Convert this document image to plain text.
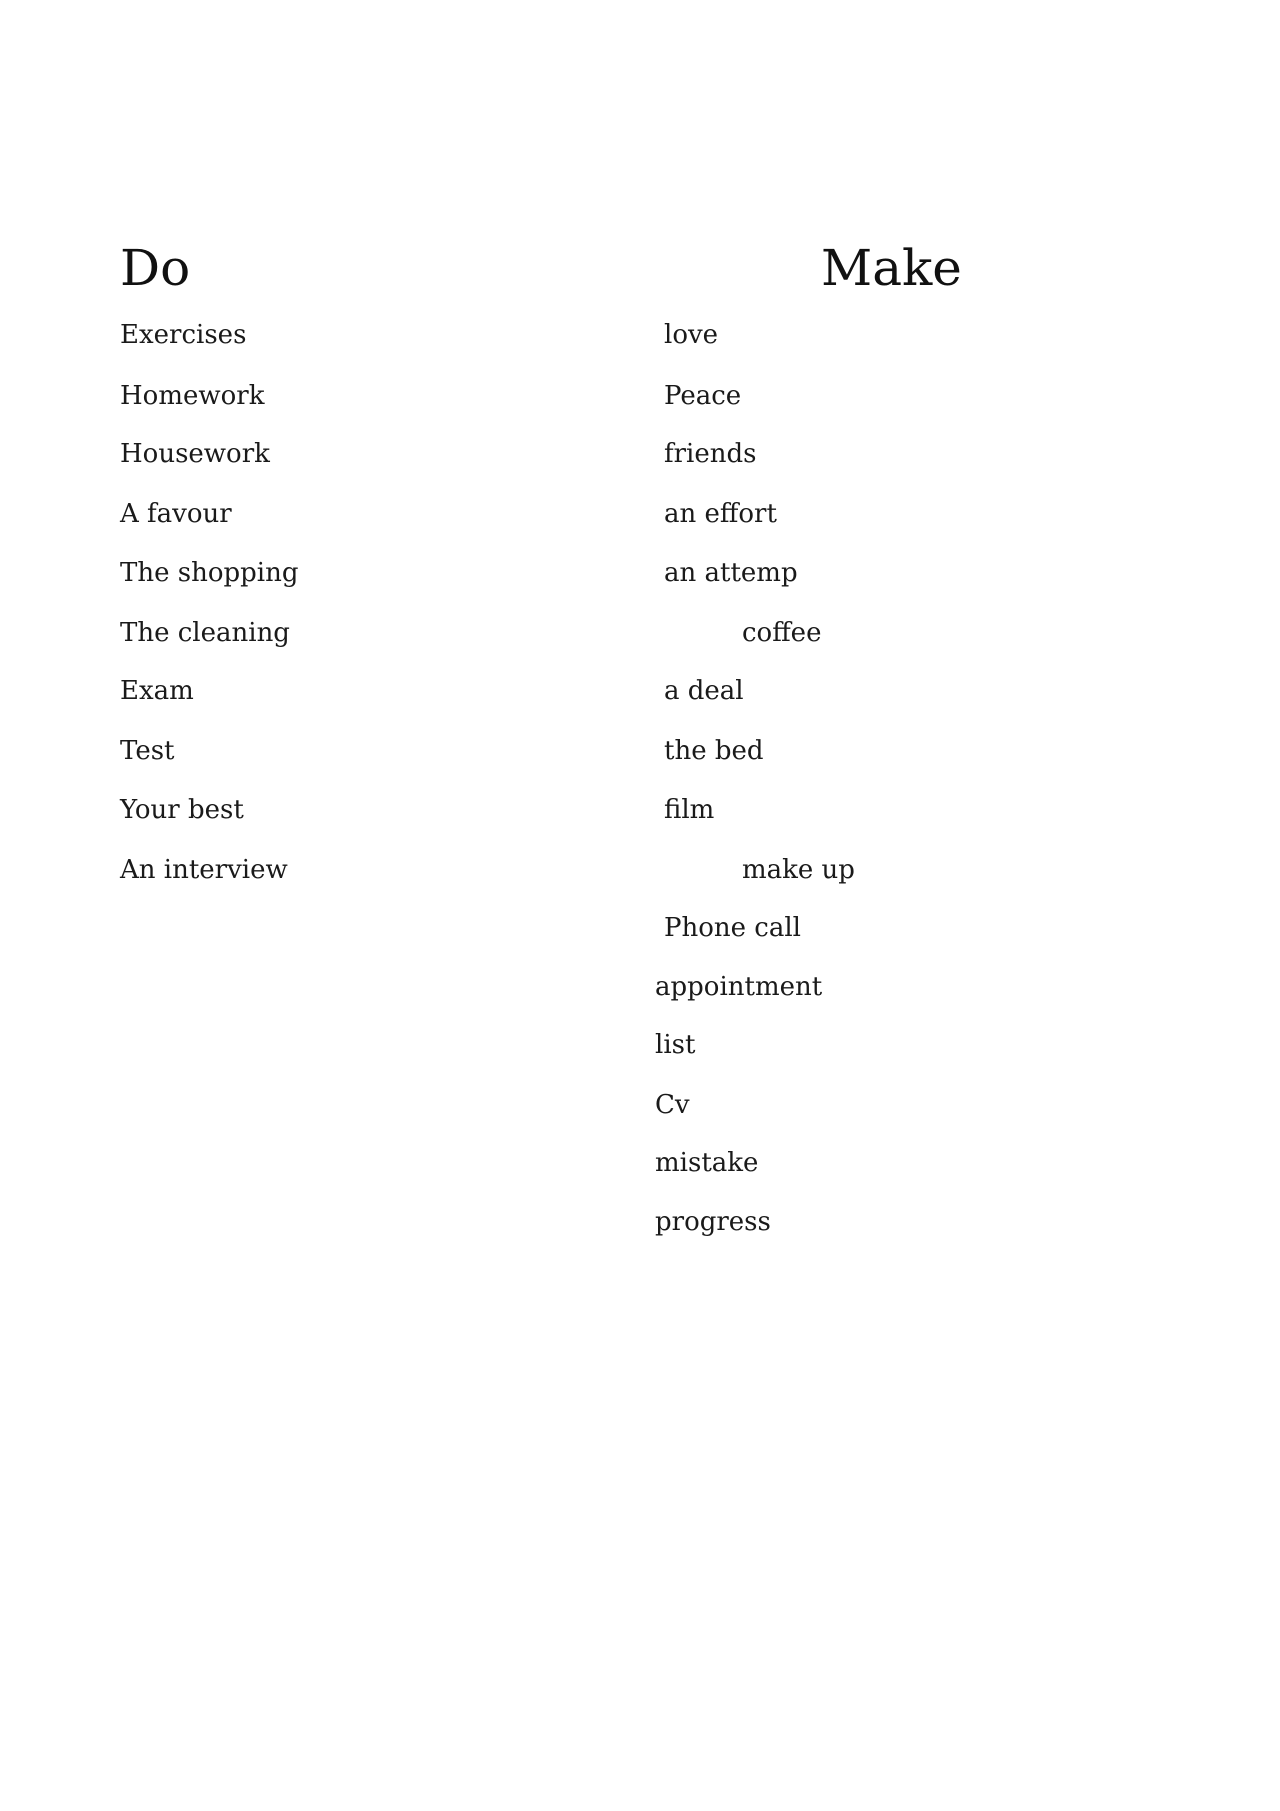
Do	Make
Exercises
Homework
Housework
A favour
The shopping
The cleaning
Exam
Test
Your best
An interview
love
Peace
friends
an effort
an attemp
coffee
a deal
the bed
film
make up
Phone call
appointment
list
Cv
mistake
progress
